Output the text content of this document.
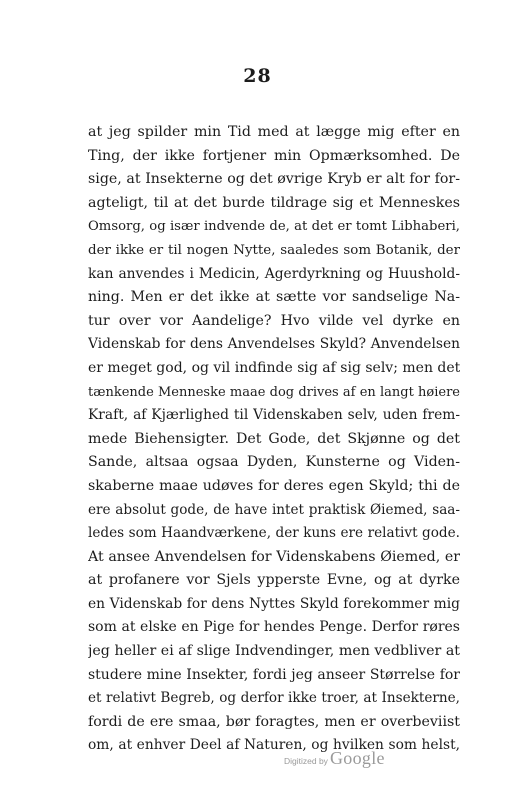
28
at jeg spilder min Tid med at lægge mig efter en
Ting, der ikke fortjener min Opmærksomhed. De
sige, at Insekterne og det øvrige Kryb er alt for for-
agteligt, til at det burde tildrage sig et Menneskes
Omsorg, og især indvende de, at det er tomt Libhaberi,
der ikke er til nogen Nytte, saaledes som Botanik, der
kan anvendes i Medicin, Agerdyrkning og Huushold-
ning. Men er det ikke at sætte vor sandselige Na-
tur over vor Aandelige? Hvo vilde vel dyrke en
Videnskab for dens Anvendelses Skyld? Anvendelsen
er meget god, og vil indfinde sig af sig selv; men det
tænkende Menneske maae dog drives af en langt høiere
Kraft, af Kjærlighed til Videnskaben selv, uden frem-
mede Biehensigter. Det Gode, det Skjønne og det
Sande, altsaa ogsaa Dyden, Kunsterne og Viden-
skaberne maae udøves for deres egen Skyld; thi de
ere absolut gode, de have intet praktisk Øiemed, saa-
ledes som Haandværkene, der kuns ere relativt gode.
At ansee Anvendelsen for Videnskabens Øiemed, er
at profanere vor Sjels ypperste Evne, og at dyrke
en Videnskab for dens Nyttes Skyld forekommer mig
som at elske en Pige for hendes Penge. Derfor røres
jeg heller ei af slige Indvendinger, men vedbliver at
studere mine Insekter, fordi jeg anseer Størrelse for
et relativt Begreb, og derfor ikke troer, at Insekterne,
fordi de ere smaa, bør foragtes, men er overbeviist
om, at enhver Deel af Naturen, og hvilken som helst,
Digitized by Google
